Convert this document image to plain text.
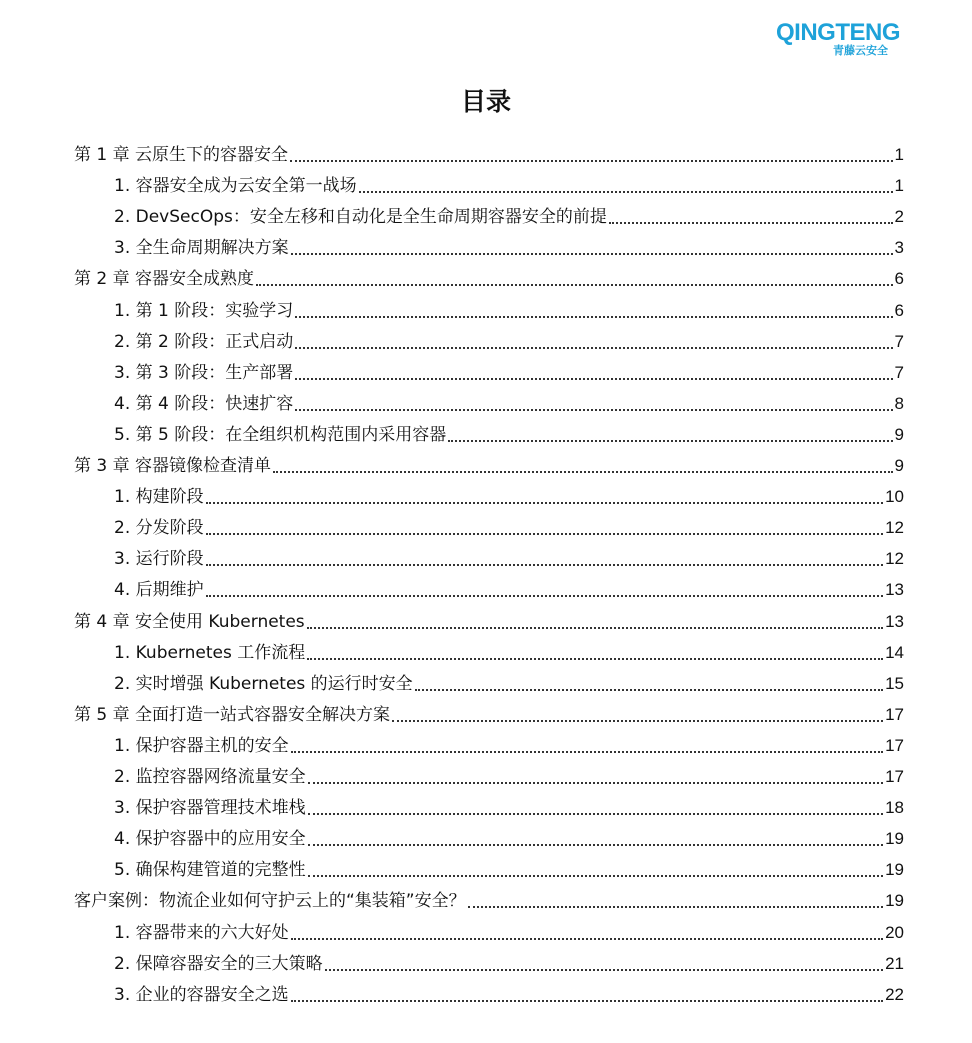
QINGTENG
青藤云安全
目录
第 1 章 云原生下的容器安全	1
1. 容器安全成为云安全第一战场	1
2. DevSecOps：安全左移和自动化是全生命周期容器安全的前提	2
3. 全生命周期解决方案	3
第 2 章 容器安全成熟度	6
1. 第 1 阶段：实验学习	6
2. 第 2 阶段：正式启动	7
3. 第 3 阶段：生产部署	7
4. 第 4 阶段：快速扩容	8
5. 第 5 阶段：在全组织机构范围内采用容器	9
第 3 章 容器镜像检查清单	9
1. 构建阶段	10
2. 分发阶段	12
3. 运行阶段	12
4. 后期维护	13
第 4 章 安全使用 Kubernetes	13
1. Kubernetes 工作流程	14
2. 实时增强 Kubernetes 的运行时安全	15
第 5 章 全面打造一站式容器安全解决方案	17
1. 保护容器主机的安全	17
2. 监控容器网络流量安全	17
3. 保护容器管理技术堆栈	18
4. 保护容器中的应用安全	19
5. 确保构建管道的完整性	19
客户案例：物流企业如何守护云上的“集装箱”安全？	19
1. 容器带来的六大好处	20
2. 保障容器安全的三大策略	21
3. 企业的容器安全之选	22
